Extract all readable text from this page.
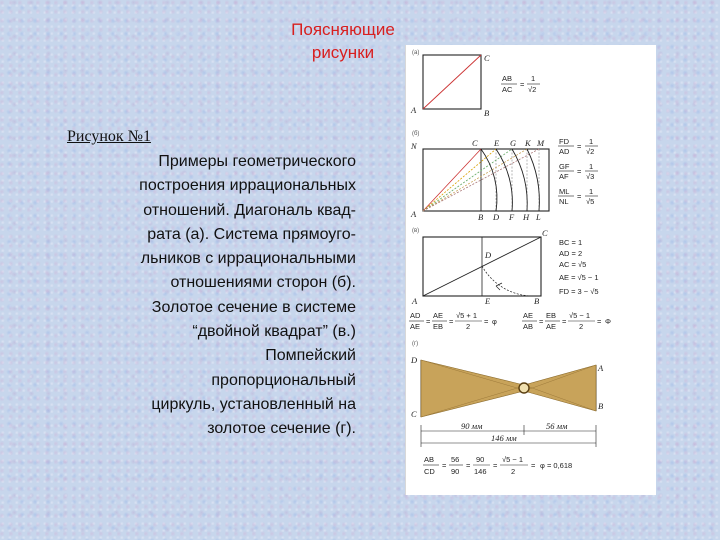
Поясняющие
рисунки
Рисунок №1
Примеры геометрического
построения иррациональных
отношений. Диагональ квад-
рата (а). Система прямоуго-
льников с иррациональными
отношениями сторон (б).
Золотое сечение в системе
“двойной квадрат” (в.)
Помпейский
пропорциональный
циркуль, установленный на
золотое сечение (г).
(а)
A	B
C
AB
AC
=
1
√2
(б)
N
A
C E G K M
B D F H L
FD
AD
=
1
√2
GF
AF
=
1
√3
ML
NL
=
1
√5
(в)
A	B
C
D
E
BC = 1
AD = 2
AC = √5
AE = √5 − 1
FD = 3 − √5
AD
AE
=
AE
EB
=
√5 + 1
2
= φ
AE
AB
=
EB
AE
=
√5 − 1
2
= Φ
(г)
D
C
A
B
90 мм	56 мм
146 мм
AB
CD
=
56
90
=
90
146
=
√5 − 1
2
= φ = 0,618
